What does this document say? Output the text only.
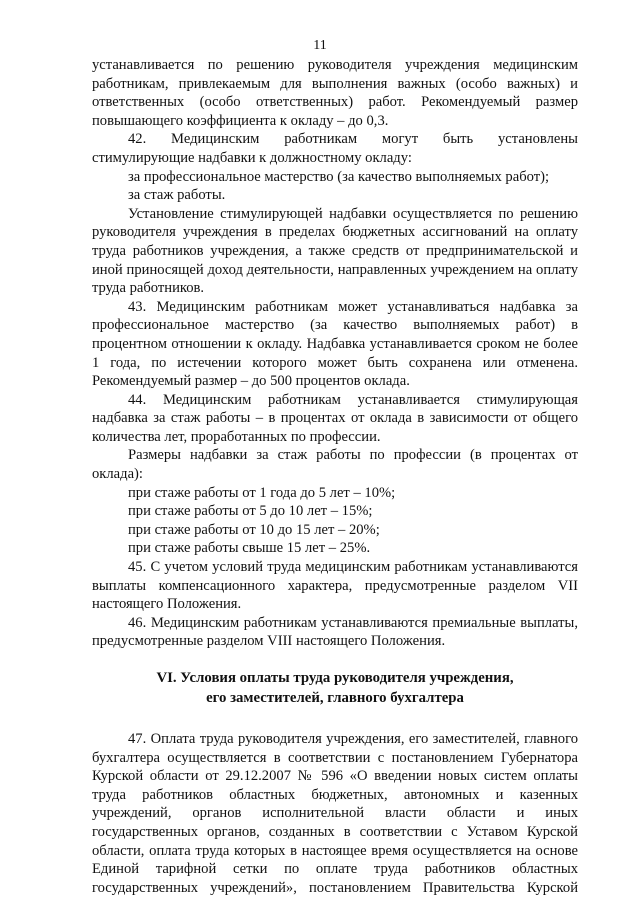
11

устанавливается по решению руководителя учреждения медицинским работникам, привлекаемым для выполнения важных (особо важных) и ответственных (особо ответственных) работ. Рекомендуемый размер повышающего коэффициента к окладу – до 0,3.

42. Медицинским работникам могут быть установлены стимулирующие надбавки к должностному окладу:

за профессиональное мастерство (за качество выполняемых работ);

за стаж работы.

Установление стимулирующей надбавки осуществляется по решению руководителя учреждения в пределах бюджетных ассигнований на оплату труда работников учреждения, а также средств от предпринимательской и иной приносящей доход деятельности, направленных учреждением на оплату труда работников.

43. Медицинским работникам может устанавливаться надбавка за профессиональное мастерство (за качество выполняемых работ) в процентном отношении к окладу. Надбавка устанавливается сроком не более 1 года, по истечении которого может быть сохранена или отменена. Рекомендуемый размер – до 500 процентов оклада.

44. Медицинским работникам устанавливается стимулирующая надбавка за стаж работы – в процентах от оклада в зависимости от общего количества лет, проработанных по профессии.

Размеры надбавки за стаж работы по профессии (в процентах от оклада):

при стаже работы от 1 года до 5 лет – 10%;

при стаже работы от 5 до 10 лет – 15%;

при стаже работы от 10 до 15 лет – 20%;

при стаже работы свыше 15 лет – 25%.

45. С учетом условий труда медицинским работникам устанавливаются выплаты компенсационного характера, предусмотренные разделом VII настоящего Положения.

46. Медицинским работникам устанавливаются премиальные выплаты, предусмотренные разделом VIII настоящего Положения.

VI. Условия оплаты труда руководителя учреждения,

его заместителей, главного бухгалтера

47. Оплата труда руководителя учреждения, его заместителей, главного бухгалтера осуществляется в соответствии с постановлением Губернатора Курской области от 29.12.2007 № 596 «О введении новых систем оплаты труда работников областных бюджетных, автономных и казенных учреждений, органов исполнительной власти области и иных государственных органов, созданных в соответствии с Уставом Курской области, оплата труда которых в настоящее время осуществляется на основе Единой тарифной сетки по оплате труда работников областных государственных учреждений», постановлением Правительства Курской
